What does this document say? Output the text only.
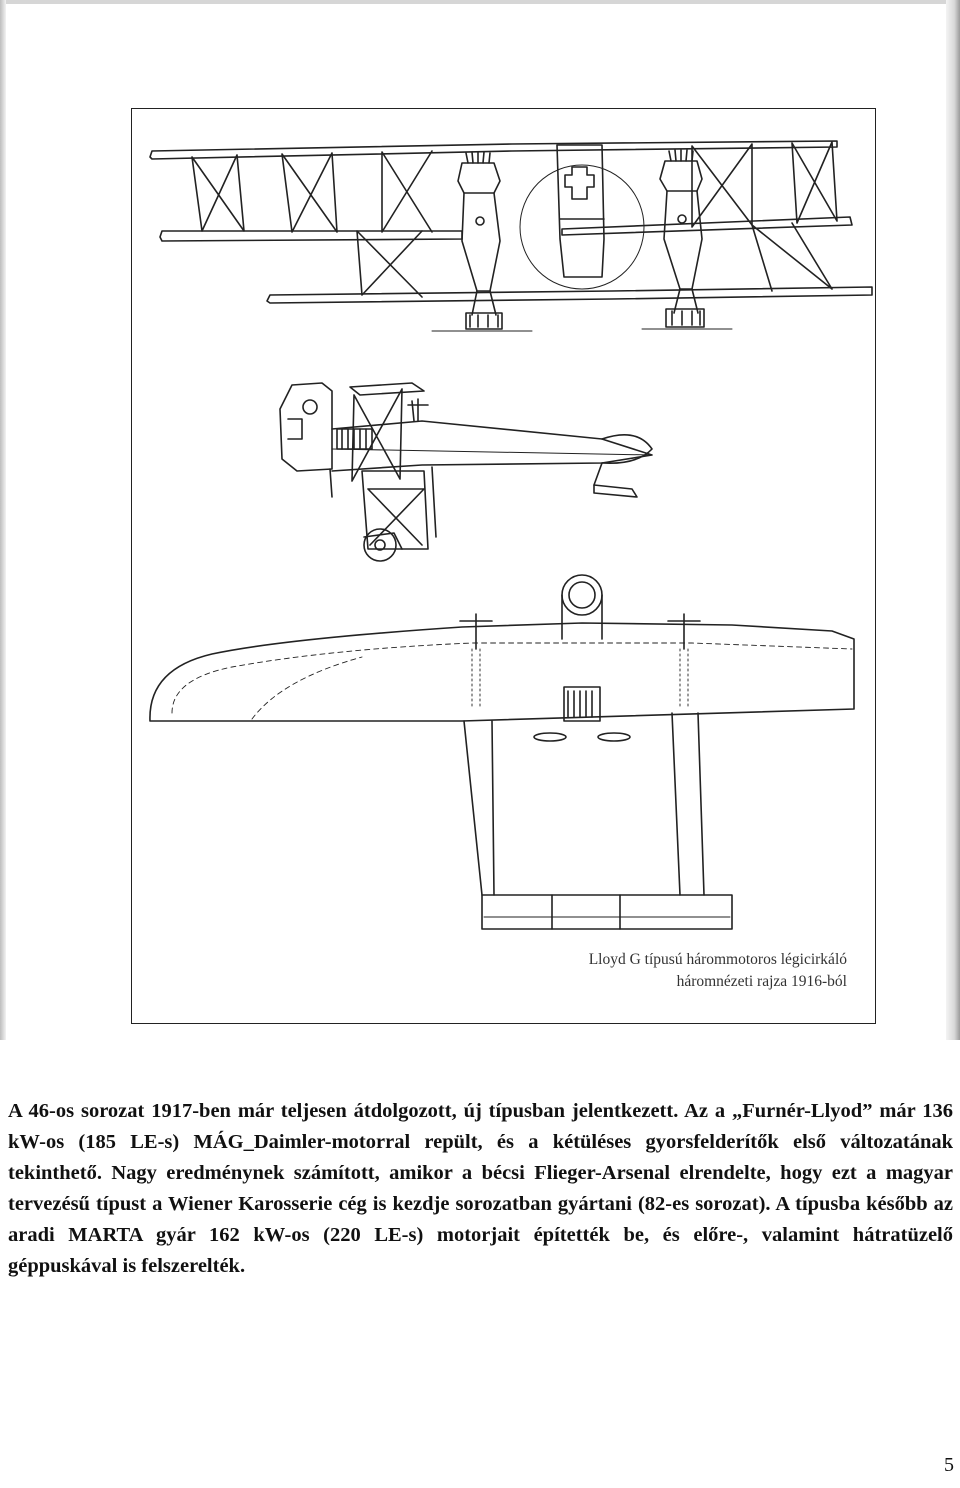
Lloyd G típusú hárommotoros légicirkáló
háromnézeti rajza 1916-ból
A 46-os sorozat 1917-ben már teljesen átdolgozott, új típusban jelentkezett. Az a „Furnér-Llyod” már 136 kW-os (185 LE-s) MÁG_Daimler-motorral repült, és a kétüléses gyorsfelderítők első változatának tekinthető. Nagy eredménynek számított, amikor a bécsi Flieger-Arsenal elrendelte, hogy ezt a magyar tervezésű típust a Wiener Karosserie cég is kezdje sorozatban gyártani (82-es sorozat). A típusba később az aradi MARTA gyár 162 kW-os (220 LE-s) motorjait építették be, és előre-, valamint hátratüzelő géppuskával is felszerelték.
5
